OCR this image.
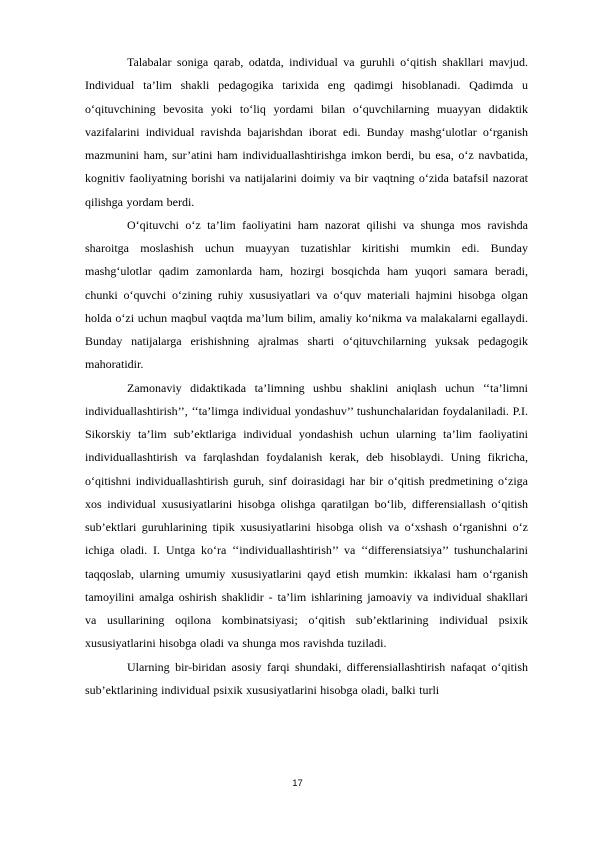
Talabalar soniga qarab, odatda, individual va guruhli o‘qitish shakllari mavjud. Individual ta’lim shakli pedagogika tarixida eng qadimgi hisoblanadi. Qadimda u o‘qituvchining bevosita yoki to‘liq yordami bilan o‘quvchilarning muayyan didaktik vazifalarini individual ravishda bajarishdan iborat edi. Bunday mashg‘ulotlar o‘rganish mazmunini ham, sur’atini ham individuallashtirishga imkon berdi, bu esa, o‘z navbatida, kognitiv faoliyatning borishi va natijalarini doimiy va bir vaqtning o‘zida batafsil nazorat qilishga yordam berdi.

O‘qituvchi o‘z ta’lim faoliyatini ham nazorat qilishi va shunga mos ravishda sharoitga moslashish uchun muayyan tuzatishlar kiritishi mumkin edi. Bunday mashg‘ulotlar qadim zamonlarda ham, hozirgi bosqichda ham yuqori samara beradi, chunki o‘quvchi o‘zining ruhiy xususiyatlari va o‘quv materiali hajmini hisobga olgan holda o‘zi uchun maqbul vaqtda ma’lum bilim, amaliy ko‘nikma va malakalarni egallaydi. Bunday natijalarga erishishning ajralmas sharti o‘qituvchilarning yuksak pedagogik mahoratidir.

Zamonaviy didaktikada ta’limning ushbu shaklini aniqlash uchun ‘‘ta’limni individuallashtirish’’, ‘‘ta’limga individual yondashuv’’ tushunchalaridan foydalaniladi. P.I. Sikorskiy ta’lim sub’ektlariga individual yondashish uchun ularning ta’lim faoliyatini individuallashtirish va farqlashdan foydalanish kerak, deb hisoblaydi. Uning fikricha, o‘qitishni individuallashtirish guruh, sinf doirasidagi har bir o‘qitish predmetining o‘ziga xos individual xususiyatlarini hisobga olishga qaratilgan bo‘lib, differensiallash o‘qitish sub’ektlari guruhlarining tipik xususiyatlarini hisobga olish va o‘xshash o‘rganishni o‘z ichiga oladi. I. Untga ko‘ra ‘‘individuallashtirish’’ va ‘‘differensiatsiya’’ tushunchalarini taqqoslab, ularning umumiy xususiyatlarini qayd etish mumkin: ikkalasi ham o‘rganish tamoyilini amalga oshirish shaklidir - ta’lim ishlarining jamoaviy va individual shakllari va usullarining oqilona kombinatsiyasi; o‘qitish sub’ektlarining individual psixik xususiyatlarini hisobga oladi va shunga mos ravishda tuziladi.

Ularning bir-biridan asosiy farqi shundaki, differensiallashtirish nafaqat o‘qitish sub’ektlarining individual psixik xususiyatlarini hisobga oladi, balki turli

17
